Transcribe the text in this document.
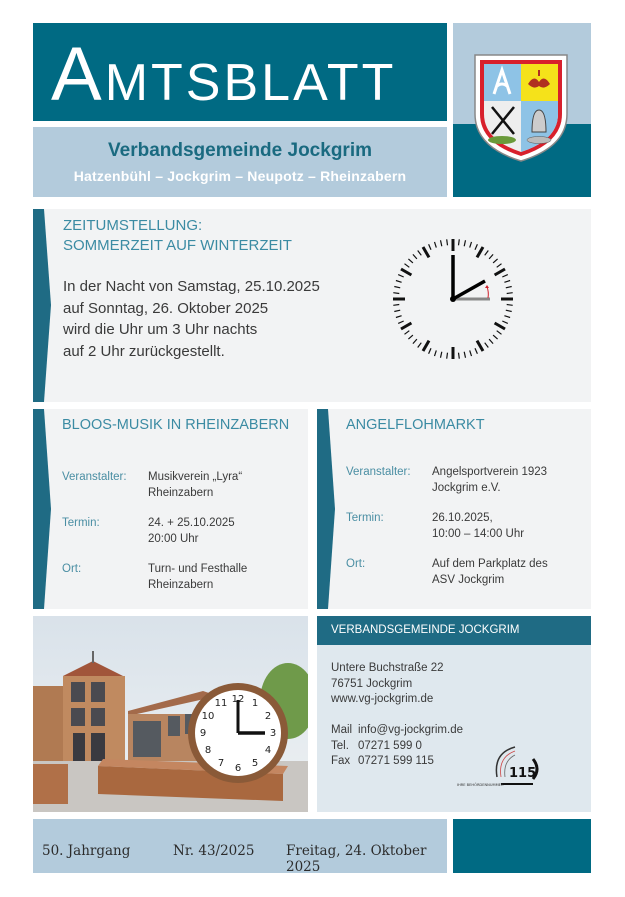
AMTSBLATT
Verbandsgemeinde Jockgrim
Hatzenbühl – Jockgrim – Neupotz – Rheinzabern
ZEITUMSTELLUNG:
SOMMERZEIT AUF WINTERZEIT
In der Nacht von Samstag, 25.10.2025
auf Sonntag, 26. Oktober 2025
wird die Uhr um 3 Uhr nachts
auf 2 Uhr zurückgestellt.
BLOOS-MUSIK IN RHEINZABERN
Veranstalter:	Musikverein „Lyra“
Rheinzabern
Termin:	24. + 25.10.2025
20:00 Uhr
Ort:	Turn- und Festhalle
Rheinzabern
ANGELFLOHMARKT
Veranstalter:	Angelsportverein 1923
Jockgrim e.V.
Termin:	26.10.2025,
10:00 – 14:00 Uhr
Ort:	Auf dem Parkplatz des
ASV Jockgrim
12 1
2
3
4
5
6
7
8
9
10
11
VERBANDSGEMEINDE JOCKGRIM
Untere Buchstraße 22
76751 Jockgrim
www.vg-jockgrim.de
Mail info@vg-jockgrim.de
Tel. 07271 599 0
Fax 07271 599 115
115
IHRE BEHÖRDENNUMMER
50. Jahrgang	Nr. 43/2025 Freitag, 24. Oktober 2025
